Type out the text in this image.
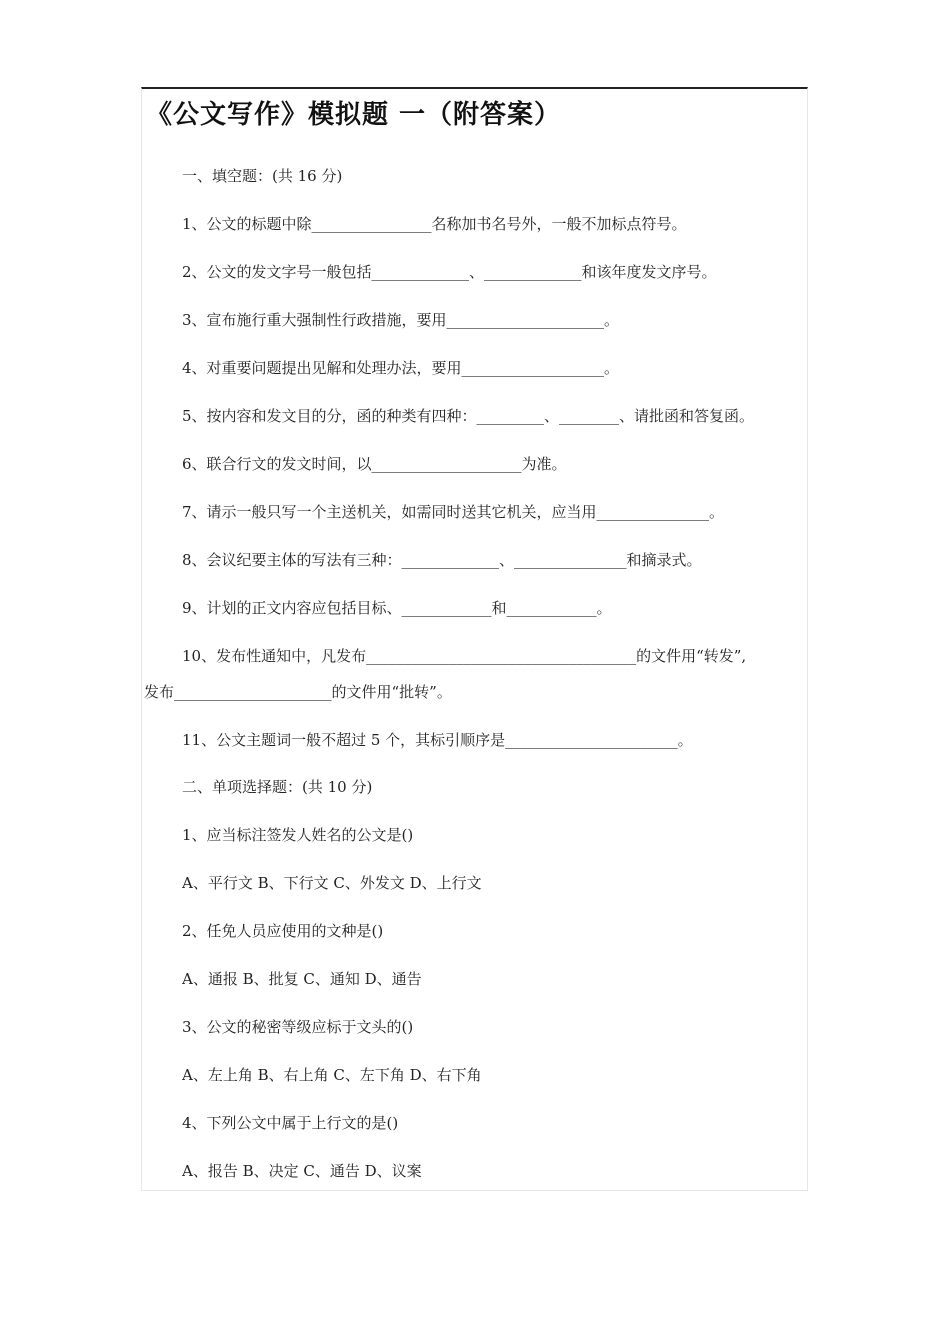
《公文写作》模拟题 一（附答案）
一、填空题：(共 16 分)
1、公文的标题中除________________名称加书名号外，一般不加标点符号。
2、公文的发文字号一般包括_____________、_____________和该年度发文序号。
3、宣布施行重大强制性行政措施，要用_____________________。
4、对重要问题提出见解和处理办法，要用___________________。
5、按内容和发文目的分，函的种类有四种：_________、________、请批函和答复函。
6、联合行文的发文时间，以____________________为准。
7、请示一般只写一个主送机关，如需同时送其它机关，应当用_______________。
8、会议纪要主体的写法有三种：_____________、_______________和摘录式。
9、计划的正文内容应包括目标、____________和____________。
10、发布性通知中，凡发布____________________________________的文件用“转发”,
发布_____________________的文件用“批转”。
11、公文主题词一般不超过 5 个，其标引顺序是_______________________。
二、单项选择题：(共 10 分)
1、应当标注签发人姓名的公文是()
A、平行文 B、下行文 C、外发文 D、上行文
2、任免人员应使用的文种是()
A、通报 B、批复 C、通知 D、通告
3、公文的秘密等级应标于文头的()
A、左上角 B、右上角 C、左下角 D、右下角
4、下列公文中属于上行文的是()
A、报告 B、决定 C、通告 D、议案
